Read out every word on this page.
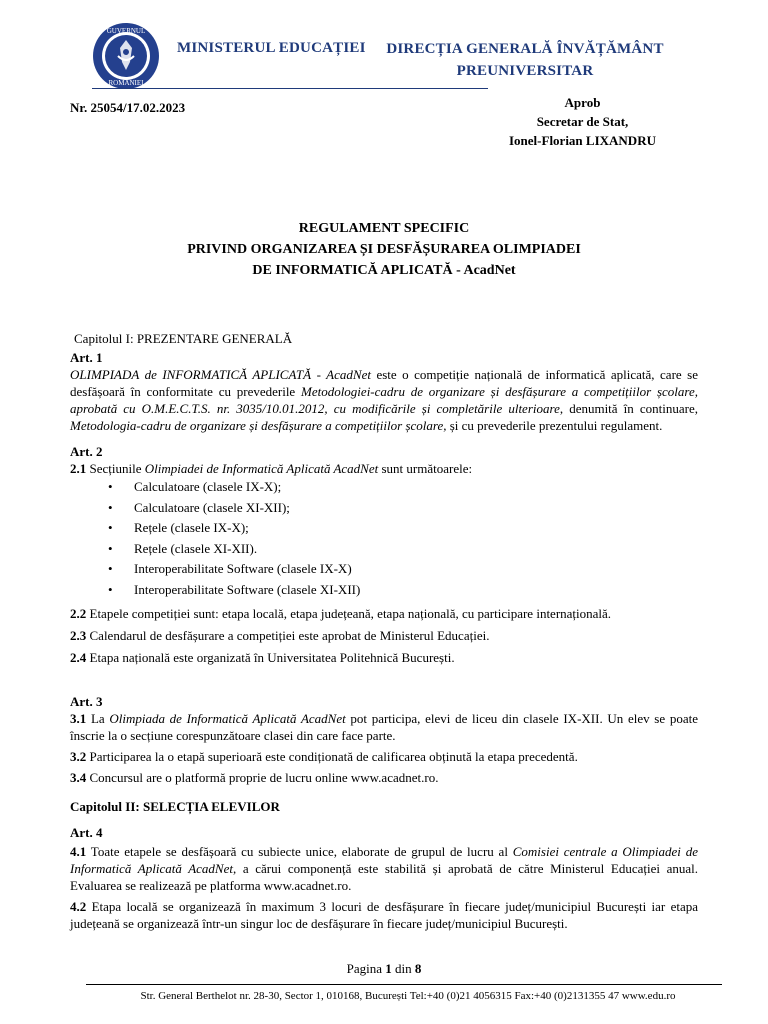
GUVERNUL
ROMÂNIEI
MINISTERUL EDUCAȚIEI	DIRECȚIA GENERALĂ ÎNVĂȚĂMÂNT
PREUNIVERSITAR
Nr. 25054/17.02.2023	Aprob
Secretar de Stat,
Ionel-Florian LIXANDRU
REGULAMENT SPECIFIC
PRIVIND ORGANIZAREA ȘI DESFĂȘURAREA OLIMPIADEI
DE INFORMATICĂ APLICATĂ - AcadNet

Capitolul I: PREZENTARE GENERALĂ

Art. 1

OLIMPIADA de INFORMATICĂ APLICATĂ - AcadNet este o competiție națională de informatică aplicată, care se desfășoară în conformitate cu prevederile Metodologiei-cadru de organizare și desfășurare a competițiilor școlare, aprobată cu O.M.E.C.T.S. nr. 3035/10.01.2012, cu modificările și completările ulterioare, denumită în continuare, Metodologia-cadru de organizare și desfășurare a competițiilor școlare, și cu prevederile prezentului regulament.

Art. 2

2.1 Secțiunile Olimpiadei de Informatică Aplicată AcadNet sunt următoarele:

• Calculatoare (clasele IX-X);
• Calculatoare (clasele XI-XII);
• Rețele (clasele IX-X);
• Rețele (clasele XI-XII).
• Interoperabilitate Software (clasele IX-X)
• Interoperabilitate Software (clasele XI-XII)

2.2 Etapele competiției sunt: etapa locală, etapa județeană, etapa națională, cu participare internațională.

2.3 Calendarul de desfășurare a competiției este aprobat de Ministerul Educației.

2.4 Etapa națională este organizată în Universitatea Politehnică București.

Art. 3

3.1 La Olimpiada de Informatică Aplicată AcadNet pot participa, elevi de liceu din clasele IX-XII. Un elev se poate înscrie la o secțiune corespunzătoare clasei din care face parte.

3.2 Participarea la o etapă superioară este condiționată de calificarea obținută la etapa precedentă.

3.4 Concursul are o platformă proprie de lucru online www.acadnet.ro.

Capitolul II: SELECȚIA ELEVILOR

Art. 4

4.1 Toate etapele se desfășoară cu subiecte unice, elaborate de grupul de lucru al Comisiei centrale a Olimpiadei de Informatică Aplicată AcadNet, a cărui componență este stabilită și aprobată de către Ministerul Educației anual. Evaluarea se realizează pe platforma www.acadnet.ro.

4.2 Etapa locală se organizează în maximum 3 locuri de desfășurare în fiecare județ/municipiul București iar etapa județeană se organizează într-un singur loc de desfășurare în fiecare județ/municipiul București.

Pagina 1 din 8
Str. General Berthelot nr. 28-30, Sector 1, 010168, București Tel:+40 (0)21 4056315 Fax:+40 (0)2131355 47 www.edu.ro
